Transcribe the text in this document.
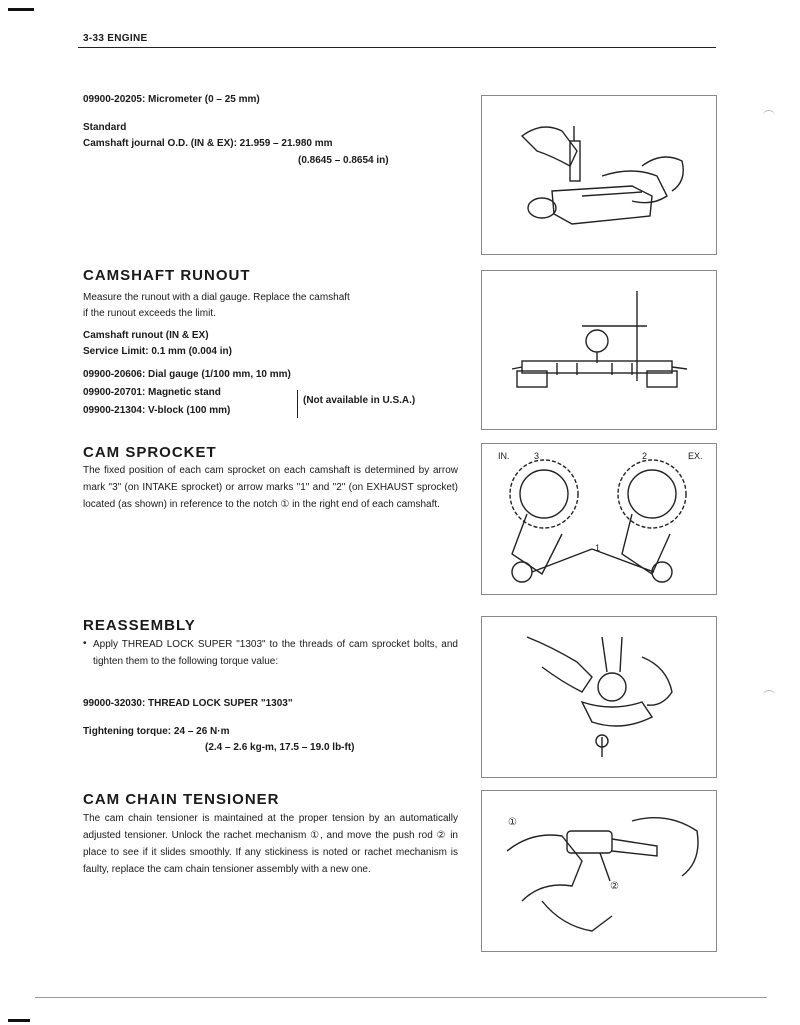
3-33 ENGINE
09900-20205: Micrometer (0 – 25 mm)
Standard
Camshaft journal O.D. (IN & EX): 21.959 – 21.980 mm
(0.8645 – 0.8654 in)
CAMSHAFT RUNOUT
Measure the runout with a dial gauge. Replace the camshaft
if the runout exceeds the limit.
Camshaft runout (IN & EX)
Service Limit: 0.1 mm (0.004 in)
09900-20606: Dial gauge (1/100 mm, 10 mm)
09900-20701: Magnetic stand
09900-21304: V-block (100 mm)
(Not available in U.S.A.)
CAM SPROCKET
The fixed position of each cam sprocket on each camshaft is determined by arrow mark "3" (on INTAKE sprocket) or arrow marks "1" and "2" (on EXHAUST sprocket) located (as shown) in reference to the notch ① in the right end of each camshaft.
IN.	3	2	EX.
1
REASSEMBLY
• Apply THREAD LOCK SUPER "1303" to the threads of cam sprocket bolts, and tighten them to the following torque value:
99000-32030: THREAD LOCK SUPER "1303"
Tightening torque: 24 – 26 N·m
(2.4 – 2.6 kg-m, 17.5 – 19.0 lb-ft)
CAM CHAIN TENSIONER
The cam chain tensioner is maintained at the proper tension by an automatically adjusted tensioner. Unlock the rachet mechanism ①, and move the push rod ② in place to see if it slides smoothly. If any stickiness is noted or rachet mechanism is faulty, replace the cam chain tensioner assembly with a new one.
①
②
